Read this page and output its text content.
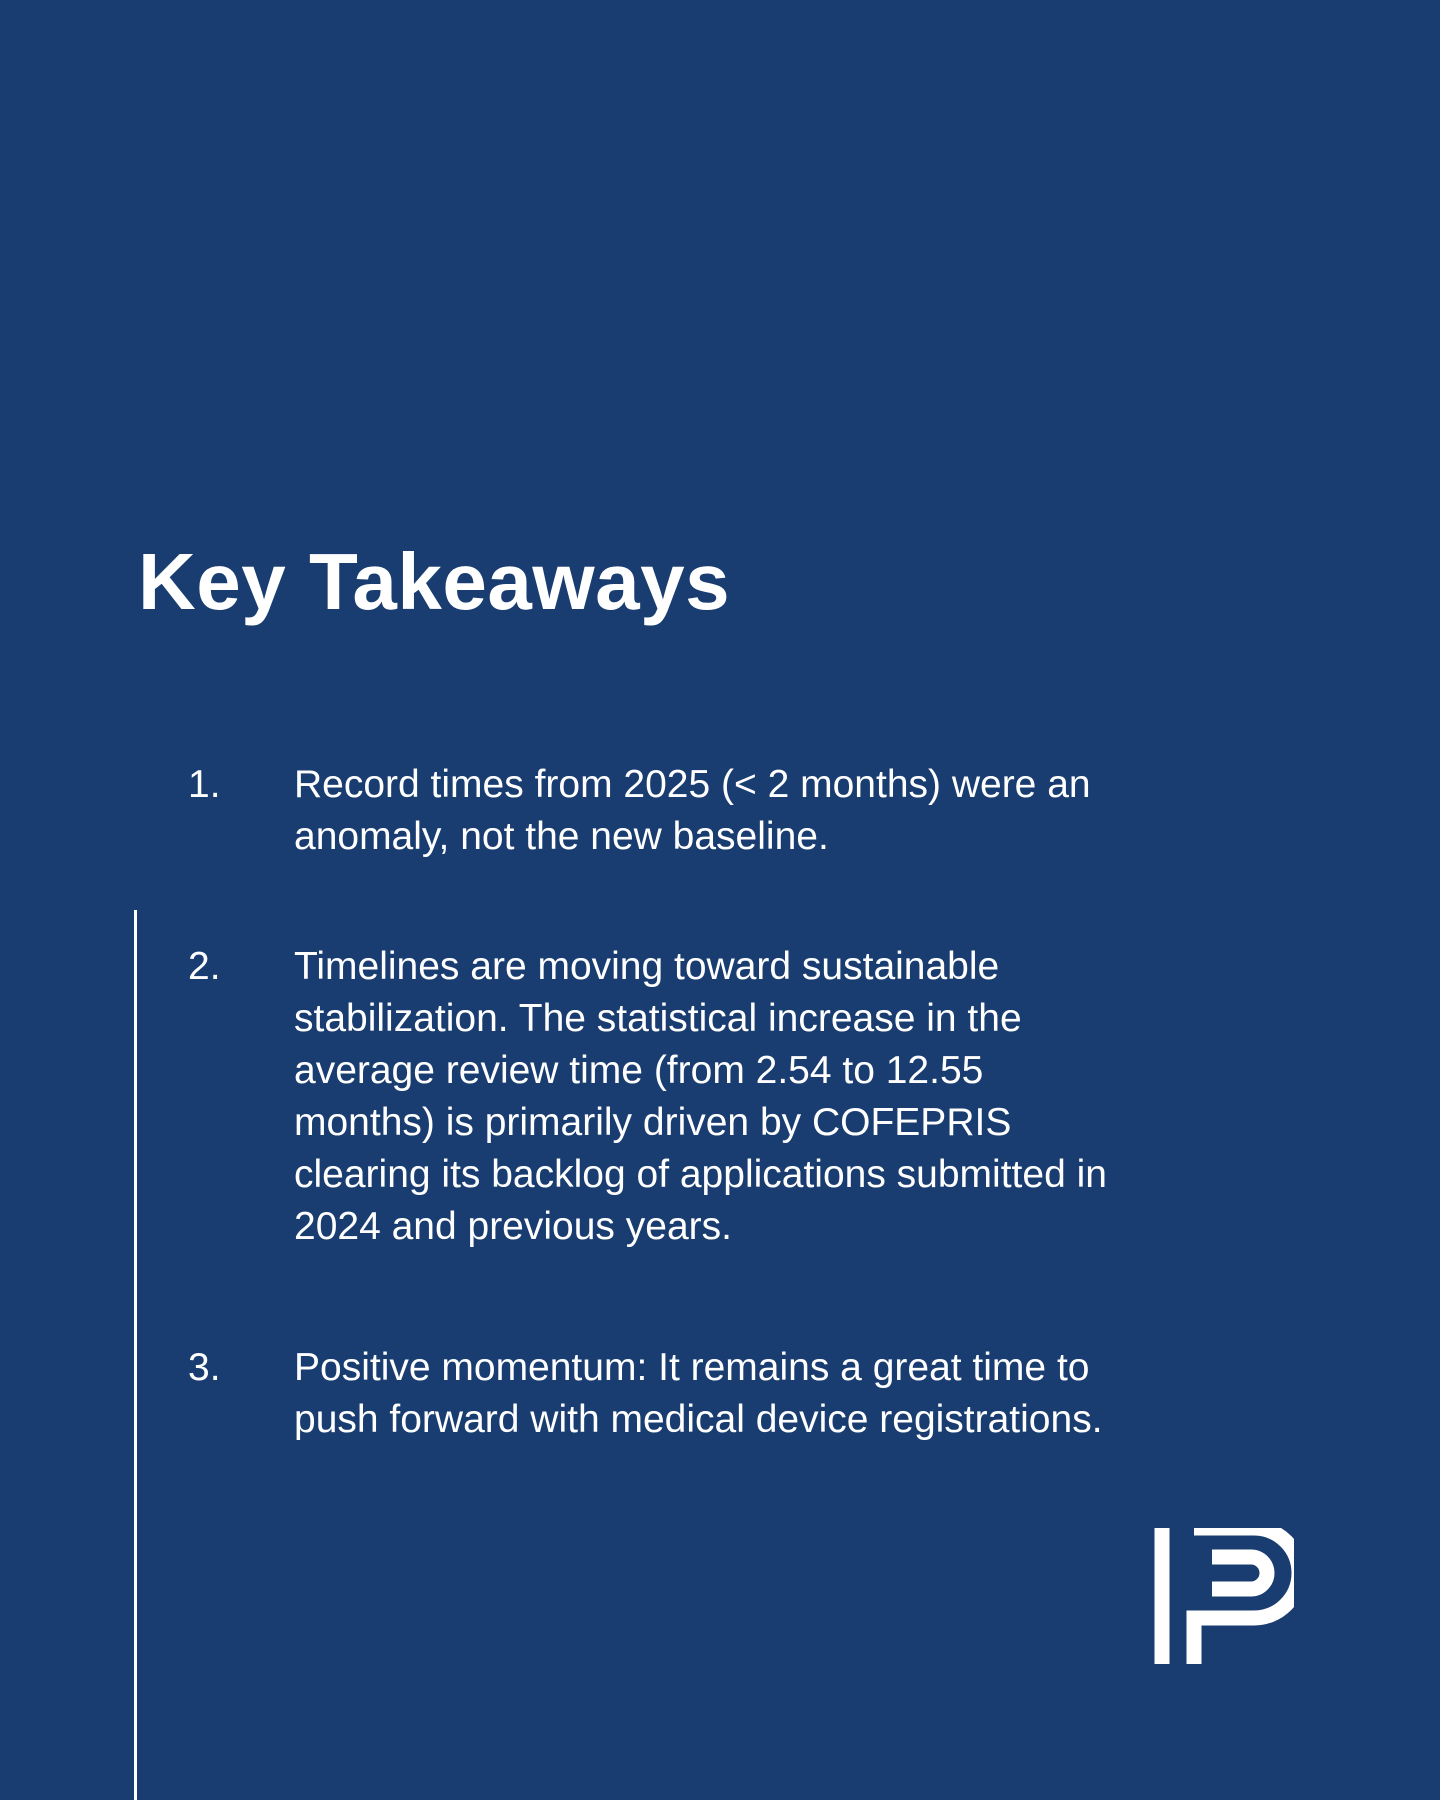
Key Takeaways
1.	Record times from 2025 (< 2 months) were an anomaly, not the new baseline.
2.	Timelines are moving toward sustainable stabilization. The statistical increase in the average review time (from 2.54 to 12.55 months) is primarily driven by COFEPRIS clearing its backlog of applications submitted in 2024 and previous years.
3.	Positive momentum: It remains a great time to push forward with medical device registrations.
